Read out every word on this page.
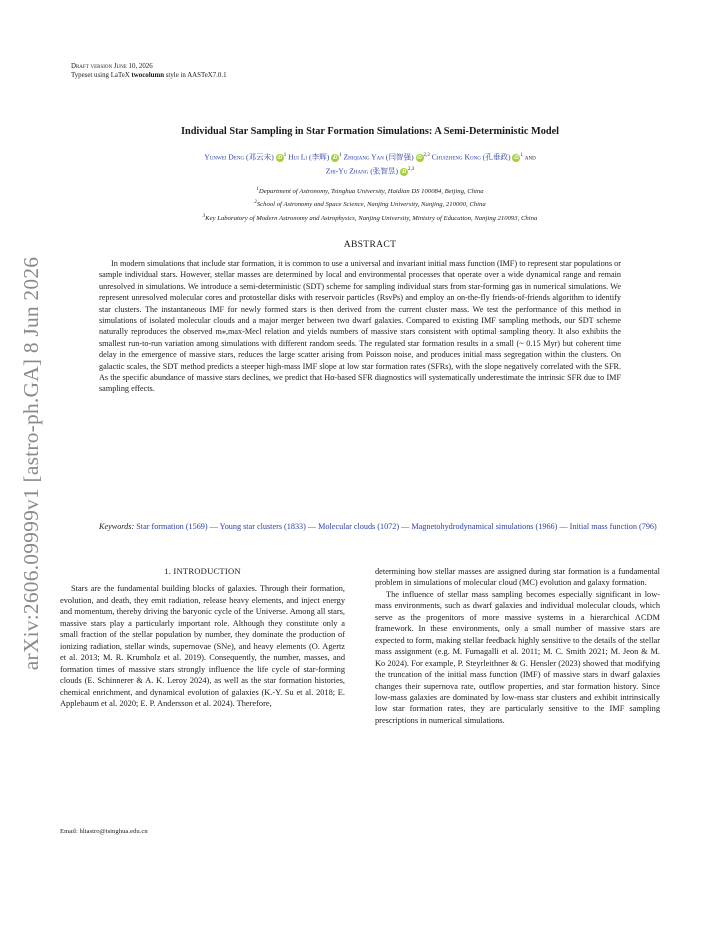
arXiv:2606.09999v1 [astro-ph.GA] 8 Jun 2026
Draft version June 10, 2026
Typeset using LaTeX twocolumn style in AASTeX7.0.1
Individual Star Sampling in Star Formation Simulations: A Semi-Deterministic Model
Yunwei Deng (邓云未) iD $^1$ Hui Li (李辉) iD $^1$ Zhiqiang Yan (闫智强) iD $^{2,3}$ Chuizheng Kong (孔垂政) iD $^1$ and
Zhi-Yu Zhang (张智昱) iD $^{2,3}$
$^1$Department of Astronomy, Tsinghua University, Haidian DS 100084, Beijing, China
$^2$School of Astronomy and Space Science, Nanjing University, Nanjing, 210000, China
$^3$Key Laboratory of Modern Astronomy and Astrophysics, Nanjing University, Ministry of Education, Nanjing 210093, China
ABSTRACT
In modern simulations that include star formation, it is common to use a universal and invariant initial mass function (IMF) to represent star populations or sample individual stars. However, stellar masses are determined by local and environmental processes that operate over a wide dynamical range and remain unresolved in simulations. We introduce a semi-deterministic (SDT) scheme for sampling individual stars from star-forming gas in numerical simulations. We represent unresolved molecular cores and protostellar disks with reservoir particles (RsvPs) and employ an on-the-fly friends-of-friends algorithm to identify star clusters. The instantaneous IMF for newly formed stars is then derived from the current cluster mass. We test the performance of this method in simulations of isolated molecular clouds and a major merger between two dwarf galaxies. Compared to existing IMF sampling methods, our SDT scheme naturally reproduces the observed m⁎,max-Mecl relation and yields numbers of massive stars consistent with optimal sampling theory. It also exhibits the smallest run-to-run variation among simulations with different random seeds. The regulated star formation results in a small (~ 0.15 Myr) but coherent time delay in the emergence of massive stars, reduces the large scatter arising from Poisson noise, and produces initial mass segregation within the clusters. On galactic scales, the SDT method predicts a steeper high-mass IMF slope at low star formation rates (SFRs), with the slope negatively correlated with the SFR. As the specific abundance of massive stars declines, we predict that Hα-based SFR diagnostics will systematically underestimate the intrinsic SFR due to IMF sampling effects.
Keywords: Star formation (1569) — Young star clusters (1833) — Molecular clouds (1072) — Magnetohydrodynamical simulations (1966) — Initial mass function (796)
1. INTRODUCTION

Stars are the fundamental building blocks of galaxies. Through their formation, evolution, and death, they emit radiation, release heavy elements, and inject energy and momentum, thereby driving the baryonic cycle of the Universe. Among all stars, massive stars play a particularly important role. Although they constitute only a small fraction of the stellar population by number, they dominate the production of ionizing radiation, stellar winds, supernovae (SNe), and heavy elements (O. Agertz et al. 2013; M. R. Krumholz et al. 2019). Consequently, the number, masses, and formation times of massive stars strongly influence the life cycle of star-forming clouds (E. Schinnerer & A. K. Leroy 2024), as well as the star formation histories, chemical enrichment, and dynamical evolution of galaxies (K.-Y. Su et al. 2018; E. Applebaum et al. 2020; E. P. Andersson et al. 2024). Therefore,

determining how stellar masses are assigned during star formation is a fundamental problem in simulations of molecular cloud (MC) evolution and galaxy formation.

The influence of stellar mass sampling becomes especially significant in low-mass environments, such as dwarf galaxies and individual molecular clouds, which serve as the progenitors of more massive systems in a hierarchical ΛCDM framework. In these environments, only a small number of massive stars are expected to form, making stellar feedback highly sensitive to the details of the stellar mass assignment (e.g. M. Fumagalli et al. 2011; M. C. Smith 2021; M. Jeon & M. Ko 2024). For example, P. Steyrleithner & G. Hensler (2023) showed that modifying the truncation of the initial mass function (IMF) of massive stars in dwarf galaxies changes their supernova rate, outflow properties, and star formation history. Since low-mass galaxies are dominated by low-mass star clusters and exhibit intrinsically low star formation rates, they are particularly sensitive to the IMF sampling prescriptions in numerical simulations.

Email: hliastro@tsinghua.edu.cn
